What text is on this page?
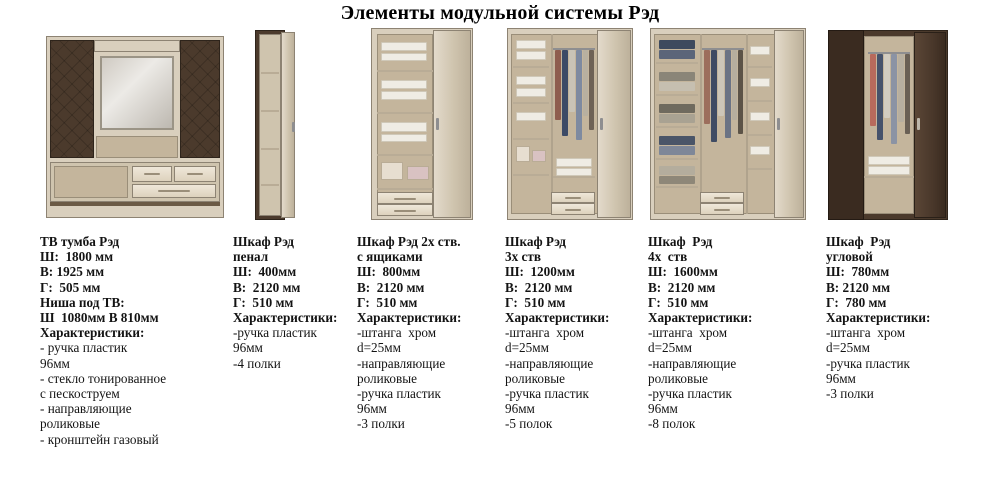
Элементы модульной системы Рэд
ТВ тумба Рэд
Ш:  1800 мм
В: 1925 мм
Г:  505 мм
Ниша под ТВ:
Ш  1080мм В 810мм
Характеристики:
- ручка пластик
96мм
- стекло тонированное
с пескоструем
- направляющие
роликовые
- кронштейн газовый
Шкаф Рэд
пенал
Ш:  400мм
В:  2120 мм
Г:  510 мм
Характеристики:
-ручка пластик
96мм
-4 полки
Шкаф Рэд 2х ств.
с ящиками
Ш:  800мм
В:  2120 мм
Г:  510 мм
Характеристики:
-штанга  хром
d=25мм
-направляющие
роликовые
-ручка пластик
96мм
-3 полки
Шкаф Рэд
3х ств
Ш:  1200мм
В:  2120 мм
Г:  510 мм
Характеристики:
-штанга  хром
d=25мм
-направляющие
роликовые
-ручка пластик
96мм
-5 полок
Шкаф  Рэд
4х  ств
Ш:  1600мм
В:  2120 мм
Г:  510 мм
Характеристики:
-штанга  хром
d=25мм
-направляющие
роликовые
-ручка пластик
96мм
-8 полок
Шкаф  Рэд
угловой
Ш:  780мм
В: 2120 мм
Г:  780 мм
Характеристики:
-штанга  хром
d=25мм
-ручка пластик
96мм
-3 полки
